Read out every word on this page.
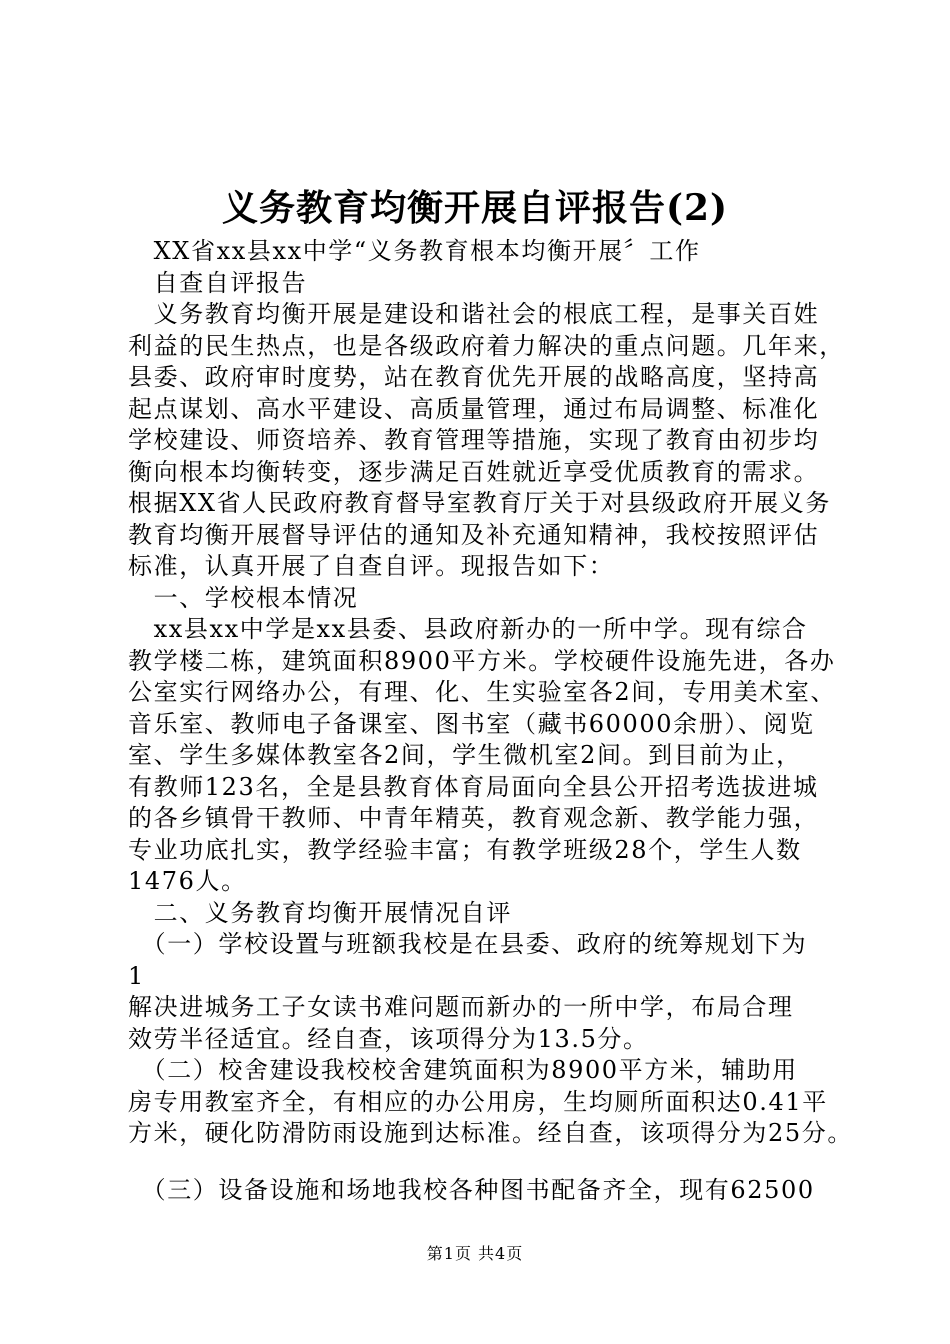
义务教育均衡开展自评报告(2)
　XX省xx县xx中学“义务教育根本均衡开展〞工作
　自查自评报告
　义务教育均衡开展是建设和谐社会的根底工程，是事关百姓
利益的民生热点，也是各级政府着力解决的重点问题。几年来，
县委、政府审时度势，站在教育优先开展的战略高度，坚持高
起点谋划、高水平建设、高质量管理，通过布局调整、标准化
学校建设、师资培养、教育管理等措施，实现了教育由初步均
衡向根本均衡转变，逐步满足百姓就近享受优质教育的需求。
根据XX省人民政府教育督导室教育厅关于对县级政府开展义务
教育均衡开展督导评估的通知及补充通知精神，我校按照评估
标准，认真开展了自查自评。现报告如下：
　一、学校根本情况
　xx县xx中学是xx县委、县政府新办的一所中学。现有综合
教学楼二栋，建筑面积8900平方米。学校硬件设施先进，各办
公室实行网络办公，有理、化、生实验室各2间，专用美术室、
音乐室、教师电子备课室、图书室（藏书60000余册）、阅览
室、学生多媒体教室各2间，学生微机室2间。到目前为止，
有教师123名，全是县教育体育局面向全县公开招考选拔进城
的各乡镇骨干教师、中青年精英，教育观念新、教学能力强，
专业功底扎实，教学经验丰富；有教学班级28个，学生人数
1476人。
　二、义务教育均衡开展情况自评
　（一）学校设置与班额我校是在县委、政府的统筹规划下为
1
解决进城务工子女读书难问题而新办的一所中学，布局合理
效劳半径适宜。经自查，该项得分为13.5分。
　（二）校舍建设我校校舍建筑面积为8900平方米，辅助用
房专用教室齐全，有相应的办公用房，生均厕所面积达0.41平
方米，硬化防滑防雨设施到达标准。经自查，该项得分为25分。
　（三）设备设施和场地我校各种图书配备齐全，现有62500
第1页 共4页
